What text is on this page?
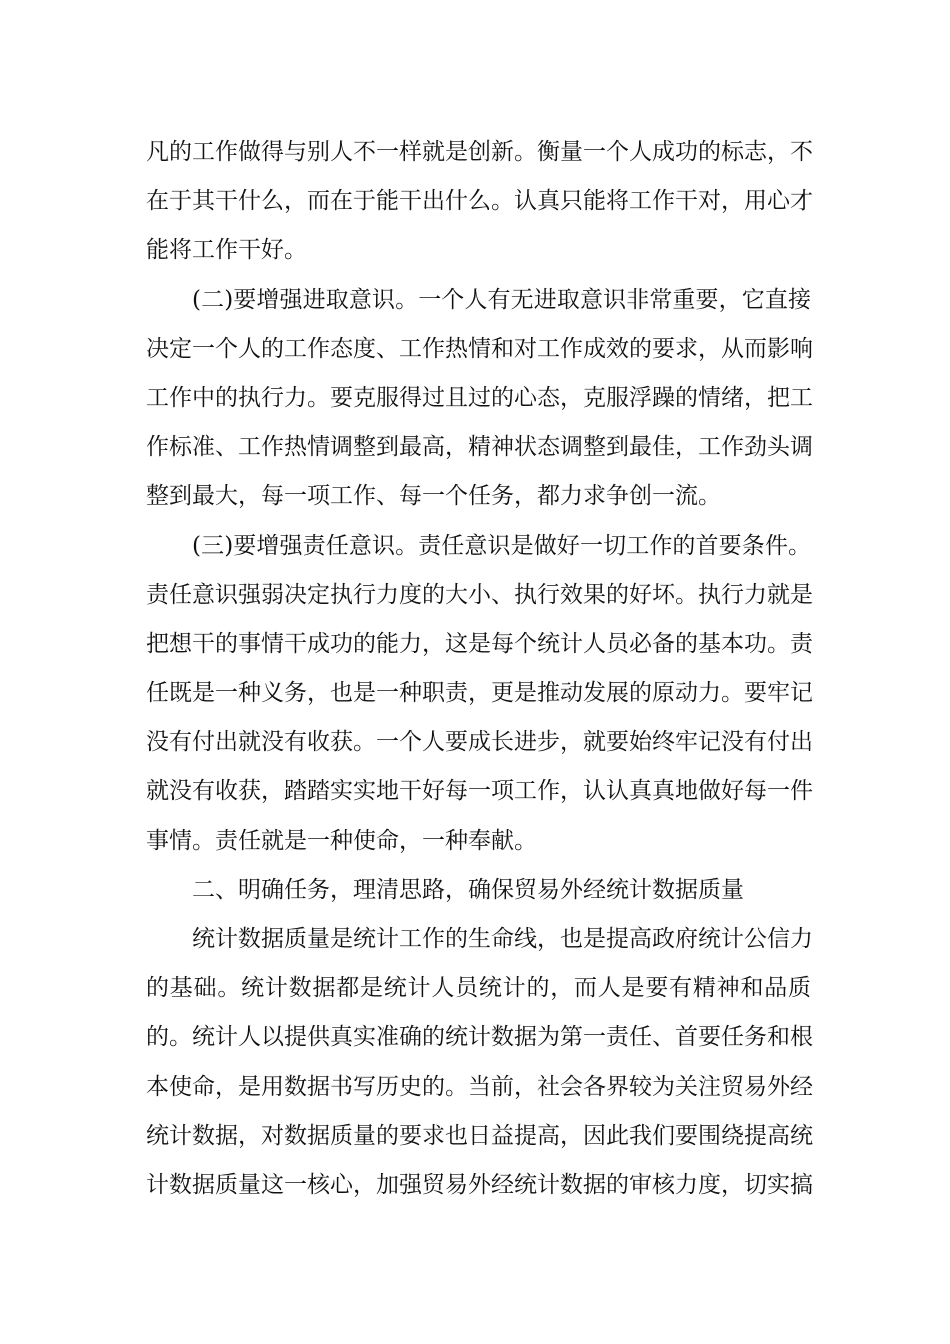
凡的工作做得与别人不一样就是创新。衡量一个人成功的标志，不
在于其干什么，而在于能干出什么。认真只能将工作干对，用心才
能将工作干好。
(二)要增强进取意识。一个人有无进取意识非常重要，它直接
决定一个人的工作态度、工作热情和对工作成效的要求，从而影响
工作中的执行力。要克服得过且过的心态，克服浮躁的情绪，把工
作标准、工作热情调整到最高，精神状态调整到最佳，工作劲头调
整到最大，每一项工作、每一个任务，都力求争创一流。
(三)要增强责任意识。责任意识是做好一切工作的首要条件。
责任意识强弱决定执行力度的大小、执行效果的好坏。执行力就是
把想干的事情干成功的能力，这是每个统计人员必备的基本功。责
任既是一种义务，也是一种职责，更是推动发展的原动力。要牢记
没有付出就没有收获。一个人要成长进步，就要始终牢记没有付出
就没有收获，踏踏实实地干好每一项工作，认认真真地做好每一件
事情。责任就是一种使命，一种奉献。
二、明确任务，理清思路，确保贸易外经统计数据质量
统计数据质量是统计工作的生命线，也是提高政府统计公信力
的基础。统计数据都是统计人员统计的，而人是要有精神和品质
的。统计人以提供真实准确的统计数据为第一责任、首要任务和根
本使命，是用数据书写历史的。当前，社会各界较为关注贸易外经
统计数据，对数据质量的要求也日益提高，因此我们要围绕提高统
计数据质量这一核心，加强贸易外经统计数据的审核力度，切实搞
